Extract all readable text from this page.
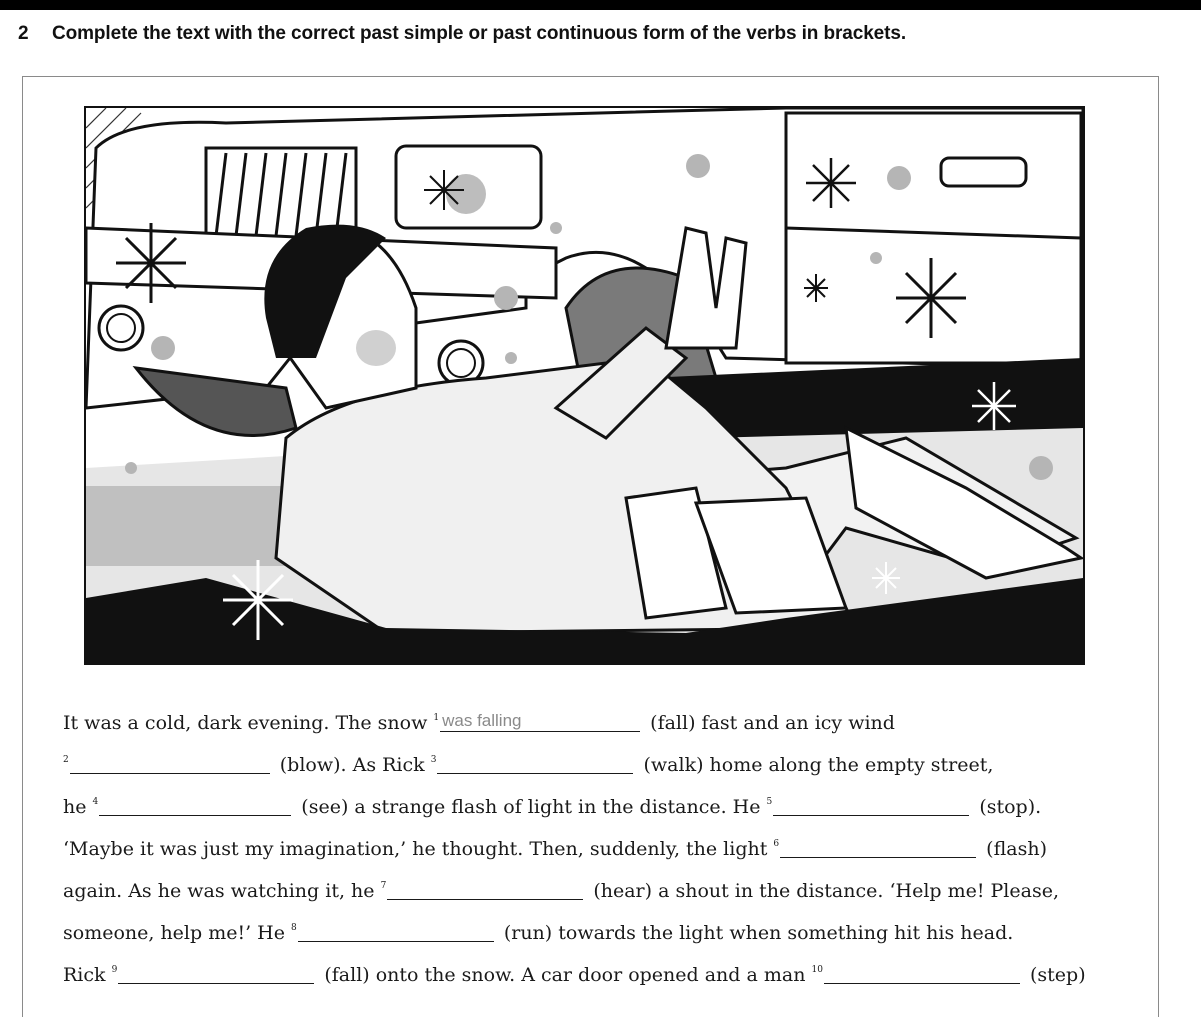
2 Complete the text with the correct past simple or past continuous form of the verbs in brackets.
It was a cold, dark evening. The snow $^1$ was falling	(fall) fast and an icy wind
$^2$	(blow). As Rick $^3$	(walk) home along the empty street,
he $^4$	(see) a strange flash of light in the distance. He $^5$	(stop).
‘Maybe it was just my imagination,’ he thought. Then, suddenly, the light $^6$	(flash)
again. As he was watching it, he $^7$	(hear) a shout in the distance. ‘Help me! Please,
someone, help me!’ He $^8$	(run) towards the light when something hit his head.
Rick $^9$	(fall) onto the snow. A car door opened and a man $^{10}$	(step)
